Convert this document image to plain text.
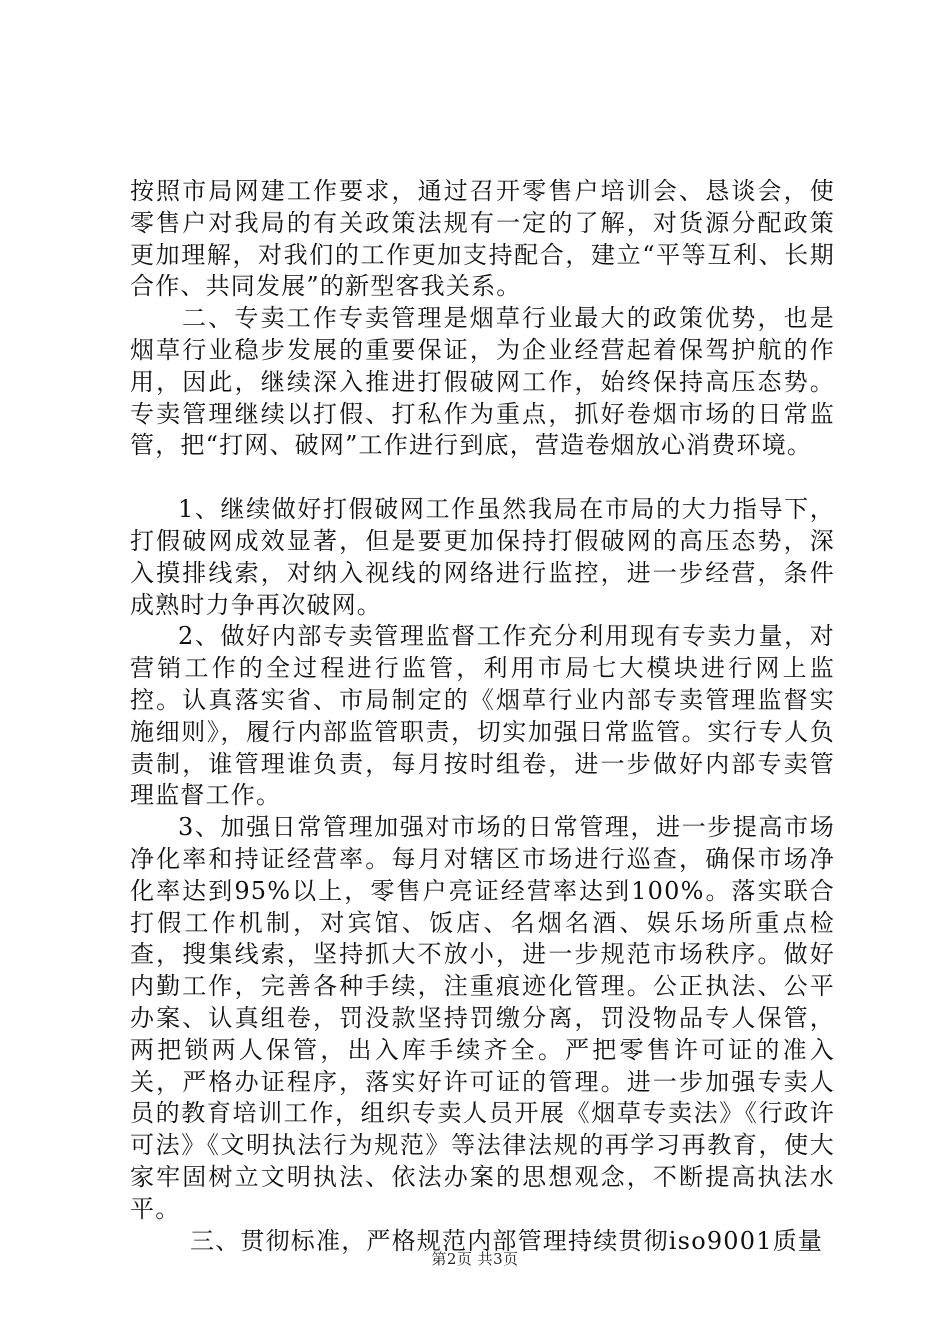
按照市局网建工作要求，通过召开零售户培训会、恳谈会，使零售户对我局的有关政策法规有一定的了解，对货源分配政策更加理解，对我们的工作更加支持配合，建立“平等互利、长期合作、共同发展”的新型客我关系。

二、专卖工作专卖管理是烟草行业最大的政策优势，也是烟草行业稳步发展的重要保证，为企业经营起着保驾护航的作用，因此，继续深入推进打假破网工作，始终保持高压态势。专卖管理继续以打假、打私作为重点，抓好卷烟市场的日常监管，把“打网、破网”工作进行到底，营造卷烟放心消费环境。

1、继续做好打假破网工作虽然我局在市局的大力指导下，打假破网成效显著，但是要更加保持打假破网的高压态势，深入摸排线索，对纳入视线的网络进行监控，进一步经营，条件成熟时力争再次破网。

2、做好内部专卖管理监督工作充分利用现有专卖力量，对营销工作的全过程进行监管，利用市局七大模块进行网上监控。认真落实省、市局制定的《烟草行业内部专卖管理监督实施细则》，履行内部监管职责，切实加强日常监管。实行专人负责制，谁管理谁负责，每月按时组卷，进一步做好内部专卖管理监督工作。

3、加强日常管理加强对市场的日常管理，进一步提高市场净化率和持证经营率。每月对辖区市场进行巡查，确保市场净化率达到95%以上，零售户亮证经营率达到100%。落实联合打假工作机制，对宾馆、饭店、名烟名酒、娱乐场所重点检查，搜集线索，坚持抓大不放小，进一步规范市场秩序。做好内勤工作，完善各种手续，注重痕迹化管理。公正执法、公平办案、认真组卷，罚没款坚持罚缴分离，罚没物品专人保管，两把锁两人保管，出入库手续齐全。严把零售许可证的准入关，严格办证程序，落实好许可证的管理。进一步加强专卖人员的教育培训工作，组织专卖人员开展《烟草专卖法》《行政许可法》《文明执法行为规范》等法律法规的再学习再教育，使大家牢固树立文明执法、依法办案的思想观念，不断提高执法水平。

三、贯彻标准，严格规范内部管理持续贯彻iso9001质量

第2页 共3页
